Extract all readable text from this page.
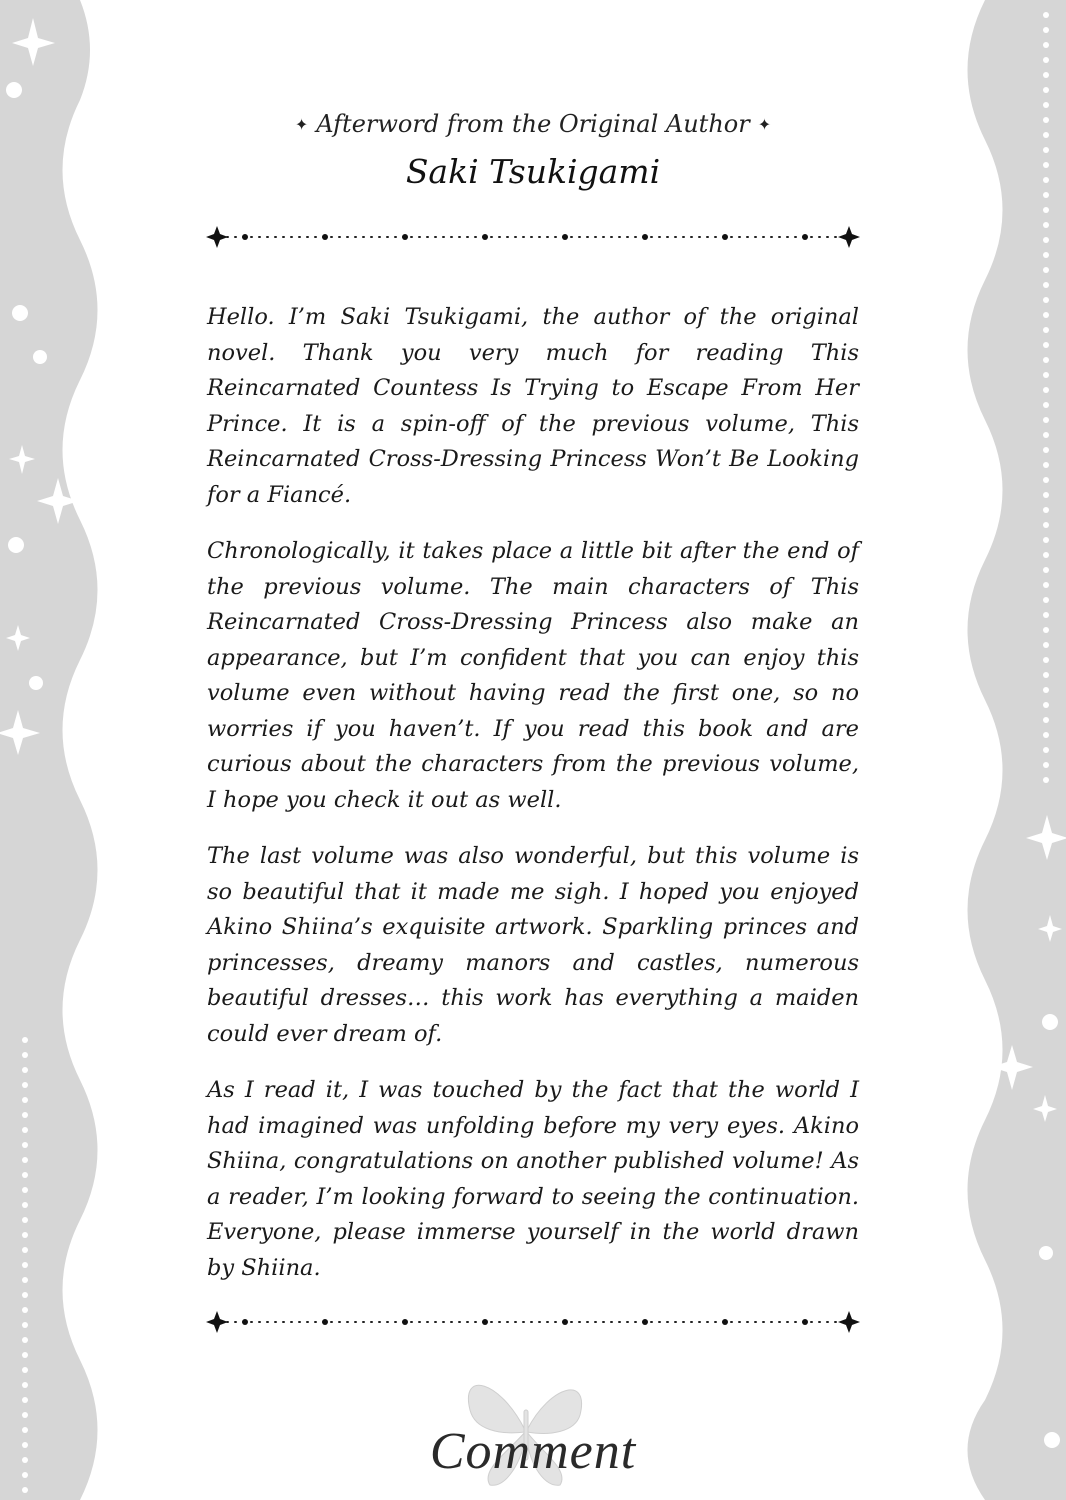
✦ Afterword from the Original Author ✦
Saki Tsukigami

Hello. I’m Saki Tsukigami, the author of the original novel. Thank you very much for reading This Reincarnated Countess Is Trying to Escape From Her Prince. It is a spin-off of the previous volume, This Reincarnated Cross-Dressing Princess Won’t Be Looking for a Fiancé.

Chronologically, it takes place a little bit after the end of the previous volume. The main characters of This Reincarnated Cross-Dressing Princess also make an appearance, but I’m confident that you can enjoy this volume even without having read the first one, so no worries if you haven’t. If you read this book and are curious about the characters from the previous volume, I hope you check it out as well.

The last volume was also wonderful, but this volume is so beautiful that it made me sigh. I hoped you enjoyed Akino Shiina’s exquisite artwork. Sparkling princes and princesses, dreamy manors and castles, numerous beautiful dresses… this work has everything a maiden could ever dream of.

As I read it, I was touched by the fact that the world I had imagined was unfolding before my very eyes. Akino Shiina, congratulations on another published volume! As a reader, I’m looking forward to seeing the continuation. Everyone, please immerse yourself in the world drawn by Shiina.

Comment
